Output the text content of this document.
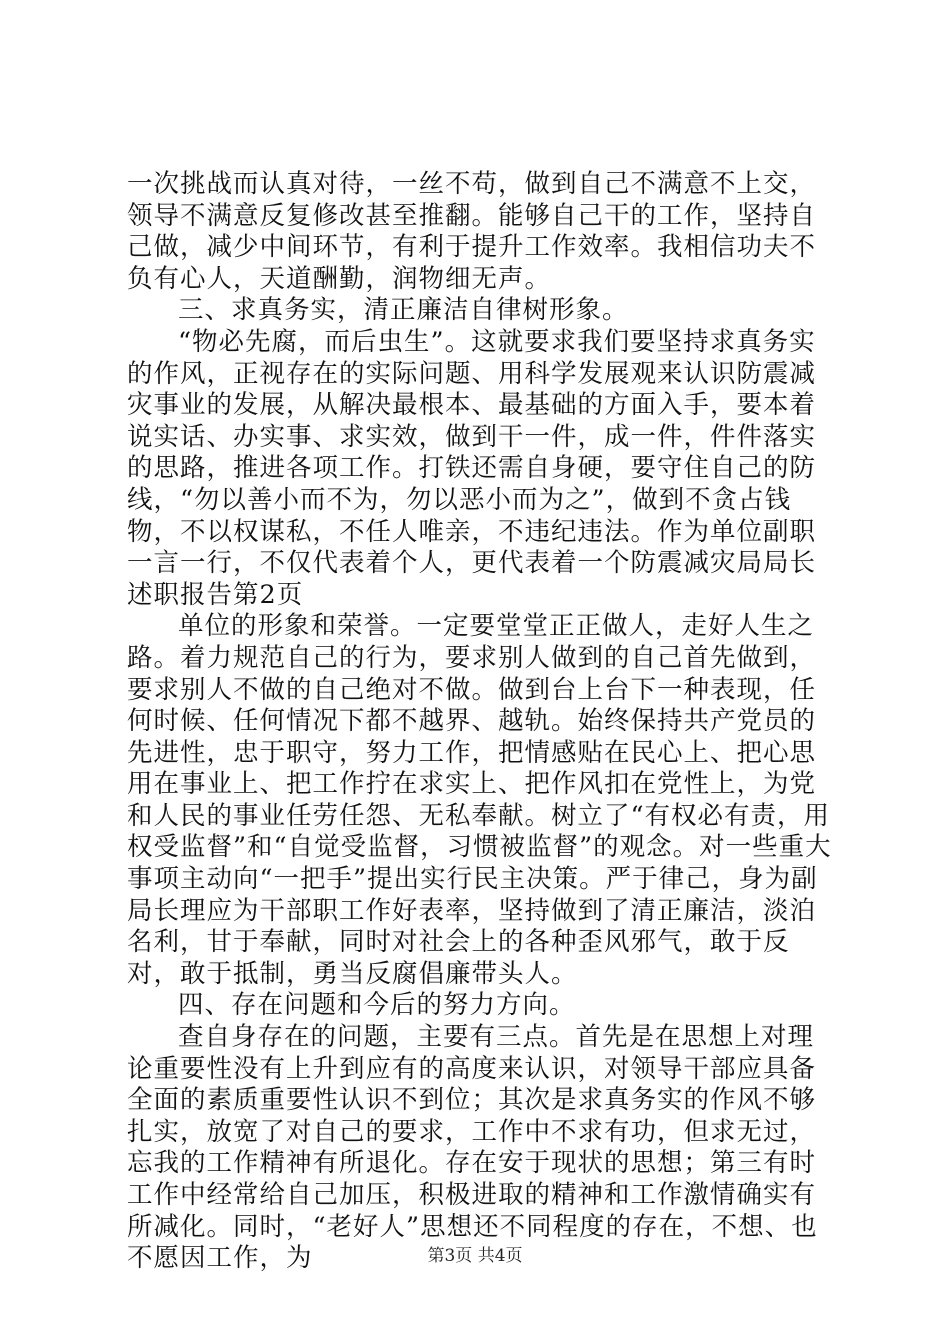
一次挑战而认真对待，一丝不苟，做到自己不满意不上交，领导不满意反复修改甚至推翻。能够自己干的工作，坚持自己做，减少中间环节，有利于提升工作效率。我相信功夫不负有心人，天道酬勤，润物细无声。

三、求真务实，清正廉洁自律树形象。

“物必先腐，而后虫生”。这就要求我们要坚持求真务实的作风，正视存在的实际问题、用科学发展观来认识防震减灾事业的发展，从解决最根本、最基础的方面入手，要本着说实话、办实事、求实效，做到干一件，成一件，件件落实的思路，推进各项工作。打铁还需自身硬，要守住自己的防线，“勿以善小而不为，勿以恶小而为之”，做到不贪占钱物，不以权谋私，不任人唯亲，不违纪违法。作为单位副职一言一行，不仅代表着个人，更代表着一个防震减灾局局长述职报告第2页

单位的形象和荣誉。一定要堂堂正正做人，走好人生之路。着力规范自己的行为，要求别人做到的自己首先做到，要求别人不做的自己绝对不做。做到台上台下一种表现，任何时候、任何情况下都不越界、越轨。始终保持共产党员的先进性，忠于职守，努力工作，把情感贴在民心上、把心思用在事业上、把工作拧在求实上、把作风扣在党性上，为党和人民的事业任劳任怨、无私奉献。树立了“有权必有责，用权受监督”和“自觉受监督，习惯被监督”的观念。对一些重大事项主动向“一把手”提出实行民主决策。严于律己，身为副局长理应为干部职工作好表率，坚持做到了清正廉洁，淡泊名利，甘于奉献，同时对社会上的各种歪风邪气，敢于反对，敢于抵制，勇当反腐倡廉带头人。

四、存在问题和今后的努力方向。

查自身存在的问题，主要有三点。首先是在思想上对理论重要性没有上升到应有的高度来认识，对领导干部应具备全面的素质重要性认识不到位；其次是求真务实的作风不够扎实，放宽了对自己的要求，工作中不求有功，但求无过，忘我的工作精神有所退化。存在安于现状的思想；第三有时工作中经常给自己加压，积极进取的精神和工作激情确实有所减化。同时，“老好人”思想还不同程度的存在，不想、也不愿因工作，为	第3页 共4页
